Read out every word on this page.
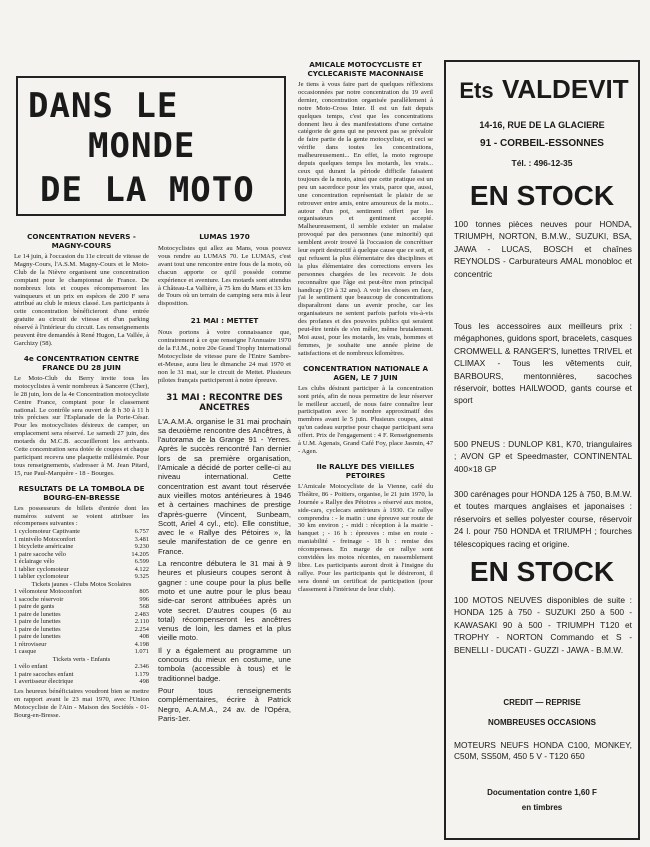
DANS LE
MONDE
DE LA MOTO
CONCENTRATION NEVERS - MAGNY-COURS
Le 14 juin, à l'occasion du 11e circuit de vitesse de Magny-Cours, l'A.S.M. Magny-Cours et le Moto-Club de la Nièvre organisent une concentration comptant pour le championnat de France. De nombreux lots et coupes récompenseront les vainqueurs et un prix en espèces de 200 F sera attribué au club le mieux classé. Les participants à cette concentration bénéficieront d'une entrée gratuite au circuit de vitesse et d'un parking réservé à l'intérieur du circuit. Les renseignements peuvent être demandés à René Hugon, La Vallée, à Garchizy (58).
4e CONCENTRATION CENTRE FRANCE DU 28 JUIN
Le Moto-Club du Berry invite tous les motocyclistes à venir nombreux à Sancerre (Cher), le 28 juin, lors de la 4e Concentration motocycliste Centre France, comptant pour le classement national. Le contrôle sera ouvert de 8 h 30 à 11 h très précises sur l'Esplanade de la Porte-César. Pour les motocyclistes désireux de camper, un emplacement sera réservé. Le samedi 27 juin, des motards du M.C.B. accueilleront les arrivants. Cette concentration sera dotée de coupes et chaque participant recevra une plaquette millésimée. Pour tous renseignements, s'adresser à M. Jean Pitard, 15, rue Paul-Marquère - 18 - Bourges.
RESULTATS DE LA TOMBOLA DE BOURG-EN-BRESSE
Les possesseurs de billets d'entrée dont les numéros suivent se voient attribuer les récompenses suivantes :
1 cyclomoteur Captivante	6.757
1 minivélo Motoconfort	3.481
1 bicyclette américaine	9.230
1 paire sacoche vélo	14.205
1 éclairage vélo	6.599
1 tablier cyclomoteur	4.122
1 tablier cyclomoteur	9.325
Tickets jaunes - Clubs Motos Scolaires
1 vélomoteur Motoconfort	805
1 sacoche réservoir	996
1 paire de gants	568
1 paire de lunettes	2.483
1 paire de lunettes	2.110
1 paire de lunettes	2.254
1 paire de lunettes	408
1 rétroviseur	4.198
1 casque	1.071
Tickets verts - Enfants
1 vélo enfant	2.346
1 paire sacoches enfant	1.179
1 avertisseur électrique	498
Les heureux bénéficiaires voudront bien se mettre en rapport avant le 23 mai 1970, avec l'Union Motocycliste de l'Ain - Maison des Sociétés - 01-Bourg-en-Bresse.
LUMAS 1970
Motocyclistes qui allez au Mans, vous pouvez vous rendre au LUMAS 70. Le LUMAS, c'est avant tout une rencontre entre fous de la moto, où chacun apporte ce qu'il possède comme expérience et aventure. Les motards sont attendus à Château-La Vallière, à 75 km du Mans et 33 km de Tours où un terrain de camping sera mis à leur disposition.
21 MAI : METTET
Nous portons à votre connaissance que, contrairement à ce que renseigne l'Annuaire 1970 de la F.I.M., notre 20e Grand Trophy International Motocycliste de vitesse pure de l'Entre Sambre-et-Meuse, aura lieu le dimanche 24 mai 1970 et non le 31 mai, sur le circuit de Mettet. Plusieurs pilotes français participeront à notre épreuve.
31 MAI : RECONTRE DES ANCETRES
L'A.A.M.A. organise le 31 mai prochain sa deuxième rencontre des Ancêtres, à l'autorama de la Grange 91 - Yerres. Après le succès rencontré l'an dernier lors de sa première organisation, l'Amicale a décidé de porter celle-ci au niveau international. Cette concentration est avant tout réservée aux vieilles motos antérieures à 1946 et à certaines machines de prestige d'après-guerre (Vincent, Sunbeam, Scott, Ariel 4 cyl., etc). Elle constitue, avec le « Rallye des Pétoires », la seule manifestation de ce genre en France.
La rencontre débutera le 31 mai à 9 heures et plusieurs coupes seront à gagner : une coupe pour la plus belle moto et une autre pour le plus beau side-car seront attribuées après un vote secret. D'autres coupes (6 au total) récompenseront les ancêtres venus de loin, les dames et la plus vieille moto.
Il y a également au programme un concours du mieux en costume, une tombola (accessible à tous) et le traditionnel badge.
Pour tous renseignements complémentaires, écrire à Patrick Negro, A.A.M.A., 24 av. de l'Opéra, Paris-1er.
AMICALE MOTOCYCLISTE ET CYCLECARISTE MACONNAISE
Je tiens à vous faire part de quelques réflexions occasionnées par notre concentration du 19 avril dernier, concentration organisée parallèlement à notre Moto-Cross Inter. Il est un fait depuis quelques temps, c'est que les concentrations donnent lieu à des manifestations d'une certaine catégorie de gens qui ne peuvent pas se prévaloir de faire partie de la gente motocycliste, et ceci se vérifie dans toutes les concentrations, malheureusement... En effet, la moto regroupe depuis quelques temps les motards, les vrais... ceux qui durant la période difficile faisaient toujours de la moto, ainsi que cette pratique est un peu un sacerdoce pour les vrais, parce que, aussi, une concentration représentait le plaisir de se retrouver entre amis, entre amoureux de la moto... autour d'un pot, sentiment offert par les organisateurs et gentiment accepté. Malheureusement, il semble exister un malaise provoqué par des personnes (une minorité) qui semblent avoir trouvé là l'occasion de concrétiser leur esprit destructif à quelque cause que ce soit, et qui refusent la plus élémentaire des disciplines et la plus élémentaire des corrections envers les personnes chargées de les recevoir. Je dois reconnaître que l'âge est peut-être mon principal handicap (19 à 32 ans). A voir les choses en face, j'ai le sentiment que beaucoup de concentrations disparaîtront dans un avenir proche, car les organisateurs ne sentent parfois parfois vis-à-vis des profanes et des pouvoirs publics qui seraient peut-être tentés de s'en mêler, même brutalement. Moi aussi, pour les motards, les vrais, hommes et femmes, je souhaite une année pleine de satisfactions et de nombreux kilomètres.
CONCENTRATION NATIONALE A AGEN, LE 7 JUIN
Les clubs désirant participer à la concentration sont priés, afin de nous permettre de leur réserver le meilleur accueil, de nous faire connaître leur participation avec le nombre approximatif des membres avant le 5 juin. Plusieurs coupes, ainsi qu'un cadeau surprise pour chaque participant sera offert. Prix de l'engagement : 4 F. Renseignements à U.M. Agenais, Grand Café Foy, place Jasmin, 47 - Agen.
IIe RALLYE DES VIEILLES PETOIRES
L'Amicale Motocycliste de la Vienne, café du Théâtre, 86 - Poitiers, organise, le 21 juin 1970, la Journée « Rallye des Pétoires » réservé aux motos, side-cars, cyclecars antérieurs à 1930. Ce rallye comprendra : - le matin : une épreuve sur route de 30 km environ ; - midi : réception à la mairie - banquet ; - 16 h : épreuves : mise en route - maniabilité - freinage - 18 h : remise des récompenses. En marge de ce rallye sont convidées les motos récentes, en rassemblement libre. Les participants auront droit à l'insigne du rallye. Pour les participants qui le désireront, il sera donné un certificat de participation (pour classement à l'intérieur de leur club).
Ets VALDEVIT
14-16, RUE DE LA GLACIERE
91 - CORBEIL-ESSONNES
Tél. : 496-12-35
EN STOCK
100 tonnes pièces neuves pour HONDA, TRIUMPH, NORTON, B.M.W., SUZUKI, BSA, JAWA - LUCAS, BOSCH et chaînes REYNOLDS - Carburateurs AMAL monobloc et concentric
Tous les accessoires aux meilleurs prix : mégaphones, guidons sport, bracelets, casques CROMWELL & RANGER'S, lunettes TRIVEL et CLIMAX - Tous les vêtements cuir, BARBOURS, mentonnières, sacoches réservoir, bottes HAILWOOD, gants course et sport
500 PNEUS : DUNLOP K81, K70, triangulaires ; AVON GP et Speedmaster, CONTINENTAL 400×18 GP
300 carénages pour HONDA 125 à 750, B.M.W. et toutes marques anglaises et japonaises : réservoirs et selles polyester course, réservoir 24 l. pour 750 HONDA et TRIUMPH ; fourches télescopiques racing et origine.
EN STOCK
100 MOTOS NEUVES disponibles de suite : HONDA 125 à 750 - SUZUKI 250 à 500 - KAWASAKI 90 à 500 - TRIUMPH T120 et TROPHY - NORTON Commando et S - BENELLI - DUCATI - GUZZI - JAWA - B.M.W.
CREDIT — REPRISE
NOMBREUSES OCCASIONS
MOTEURS NEUFS HONDA C100, MONKEY, C50M, SS50M, 450 5 V - T120 650
Documentation contre 1,60 F
en timbres
